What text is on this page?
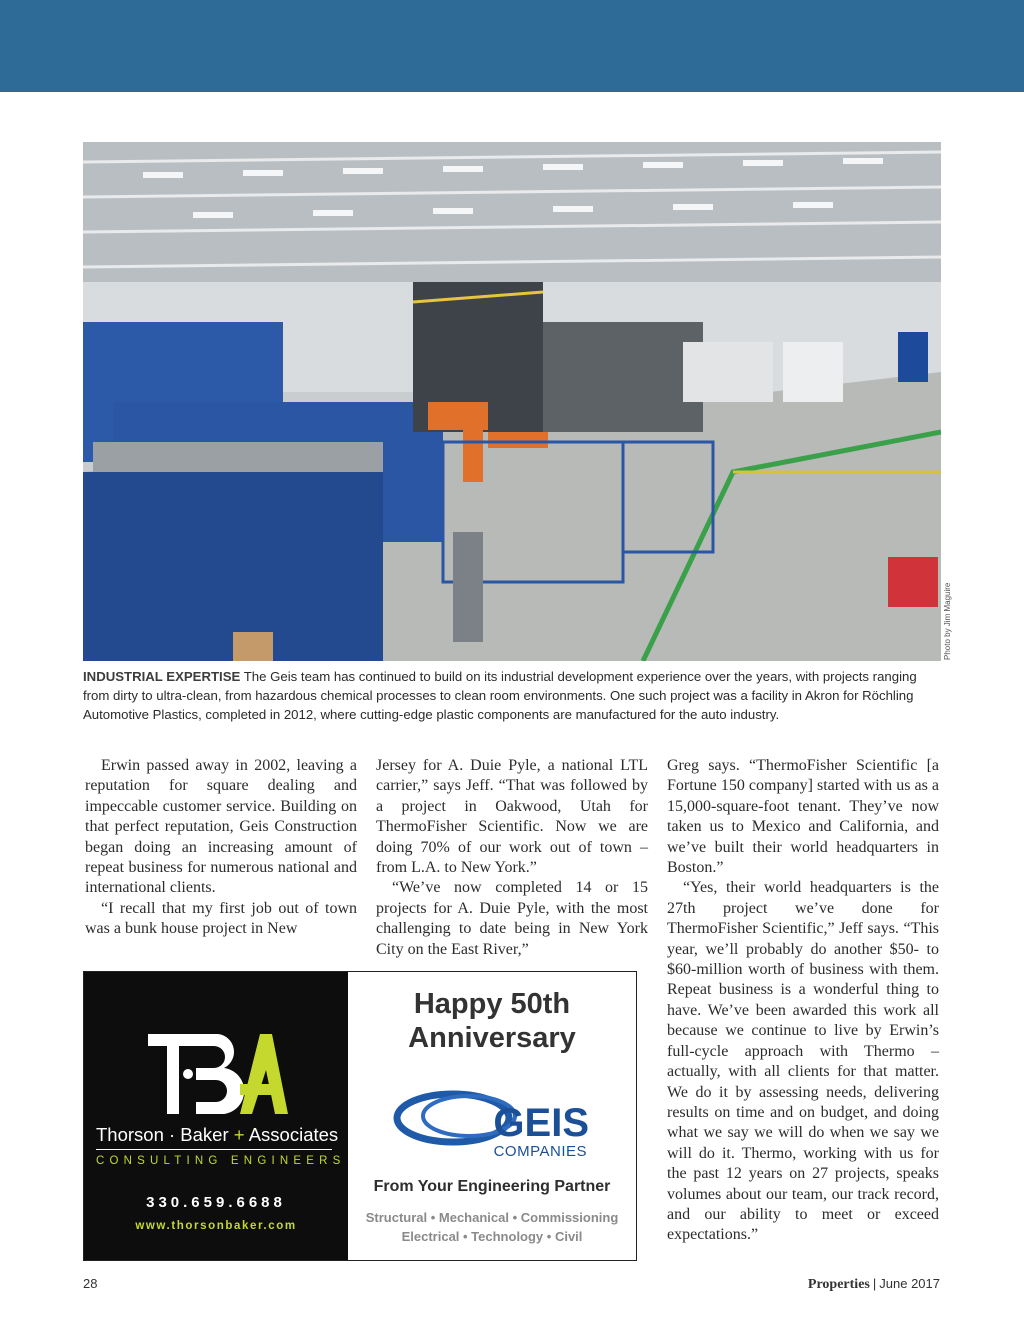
Photo by Jim Maguire
INDUSTRIAL EXPERTISE The Geis team has continued to build on its industrial development experience over the years, with projects ranging from dirty to ultra-clean, from hazardous chemical processes to clean room environments. One such project was a facility in Akron for Röchling Automotive Plastics, completed in 2012, where cutting-edge plastic components are manufactured for the auto industry.

Erwin passed away in 2002, leaving a reputation for square dealing and impeccable customer service. Building on that perfect reputation, Geis Construction began doing an increasing amount of repeat business for numerous national and international clients.

“I recall that my first job out of town was a bunk house project in New

Jersey for A. Duie Pyle, a national LTL carrier,” says Jeff. “That was followed by a project in Oakwood, Utah for ThermoFisher Scientific. Now we are doing 70% of our work out of town – from L.A. to New York.”

“We’ve now completed 14 or 15 projects for A. Duie Pyle, with the most challenging to date being in New York City on the East River,”

Greg says. “ThermoFisher Scientific [a Fortune 150 company] started with us as a 15,000-square-foot tenant. They’ve now taken us to Mexico and California, and we’ve built their world headquarters in Boston.”

“Yes, their world headquarters is the 27th project we’ve done for ThermoFisher Scientific,” Jeff says. “This year, we’ll probably do another $50- to $60-million worth of business with them. Repeat business is a wonderful thing to have. We’ve been awarded this work all because we continue to live by Erwin’s full-cycle approach with Thermo – actually, with all clients for that matter. We do it by assessing needs, delivering results on time and on budget, and doing what we say we will do when we say we will do it. Thermo, working with us for the past 12 years on 27 projects, speaks volumes about our team, our track record, and our ability to meet or exceed expectations.”

Thorson · Baker + Associates
CONSULTING ENGINEERS
330.659.6688
www.thorsonbaker.com
Happy 50th
Anniversary
GEIS
COMPANIES
From Your Engineering Partner
Structural • Mechanical • Commissioning
Electrical • Technology • Civil
28	Properties | June 2017
